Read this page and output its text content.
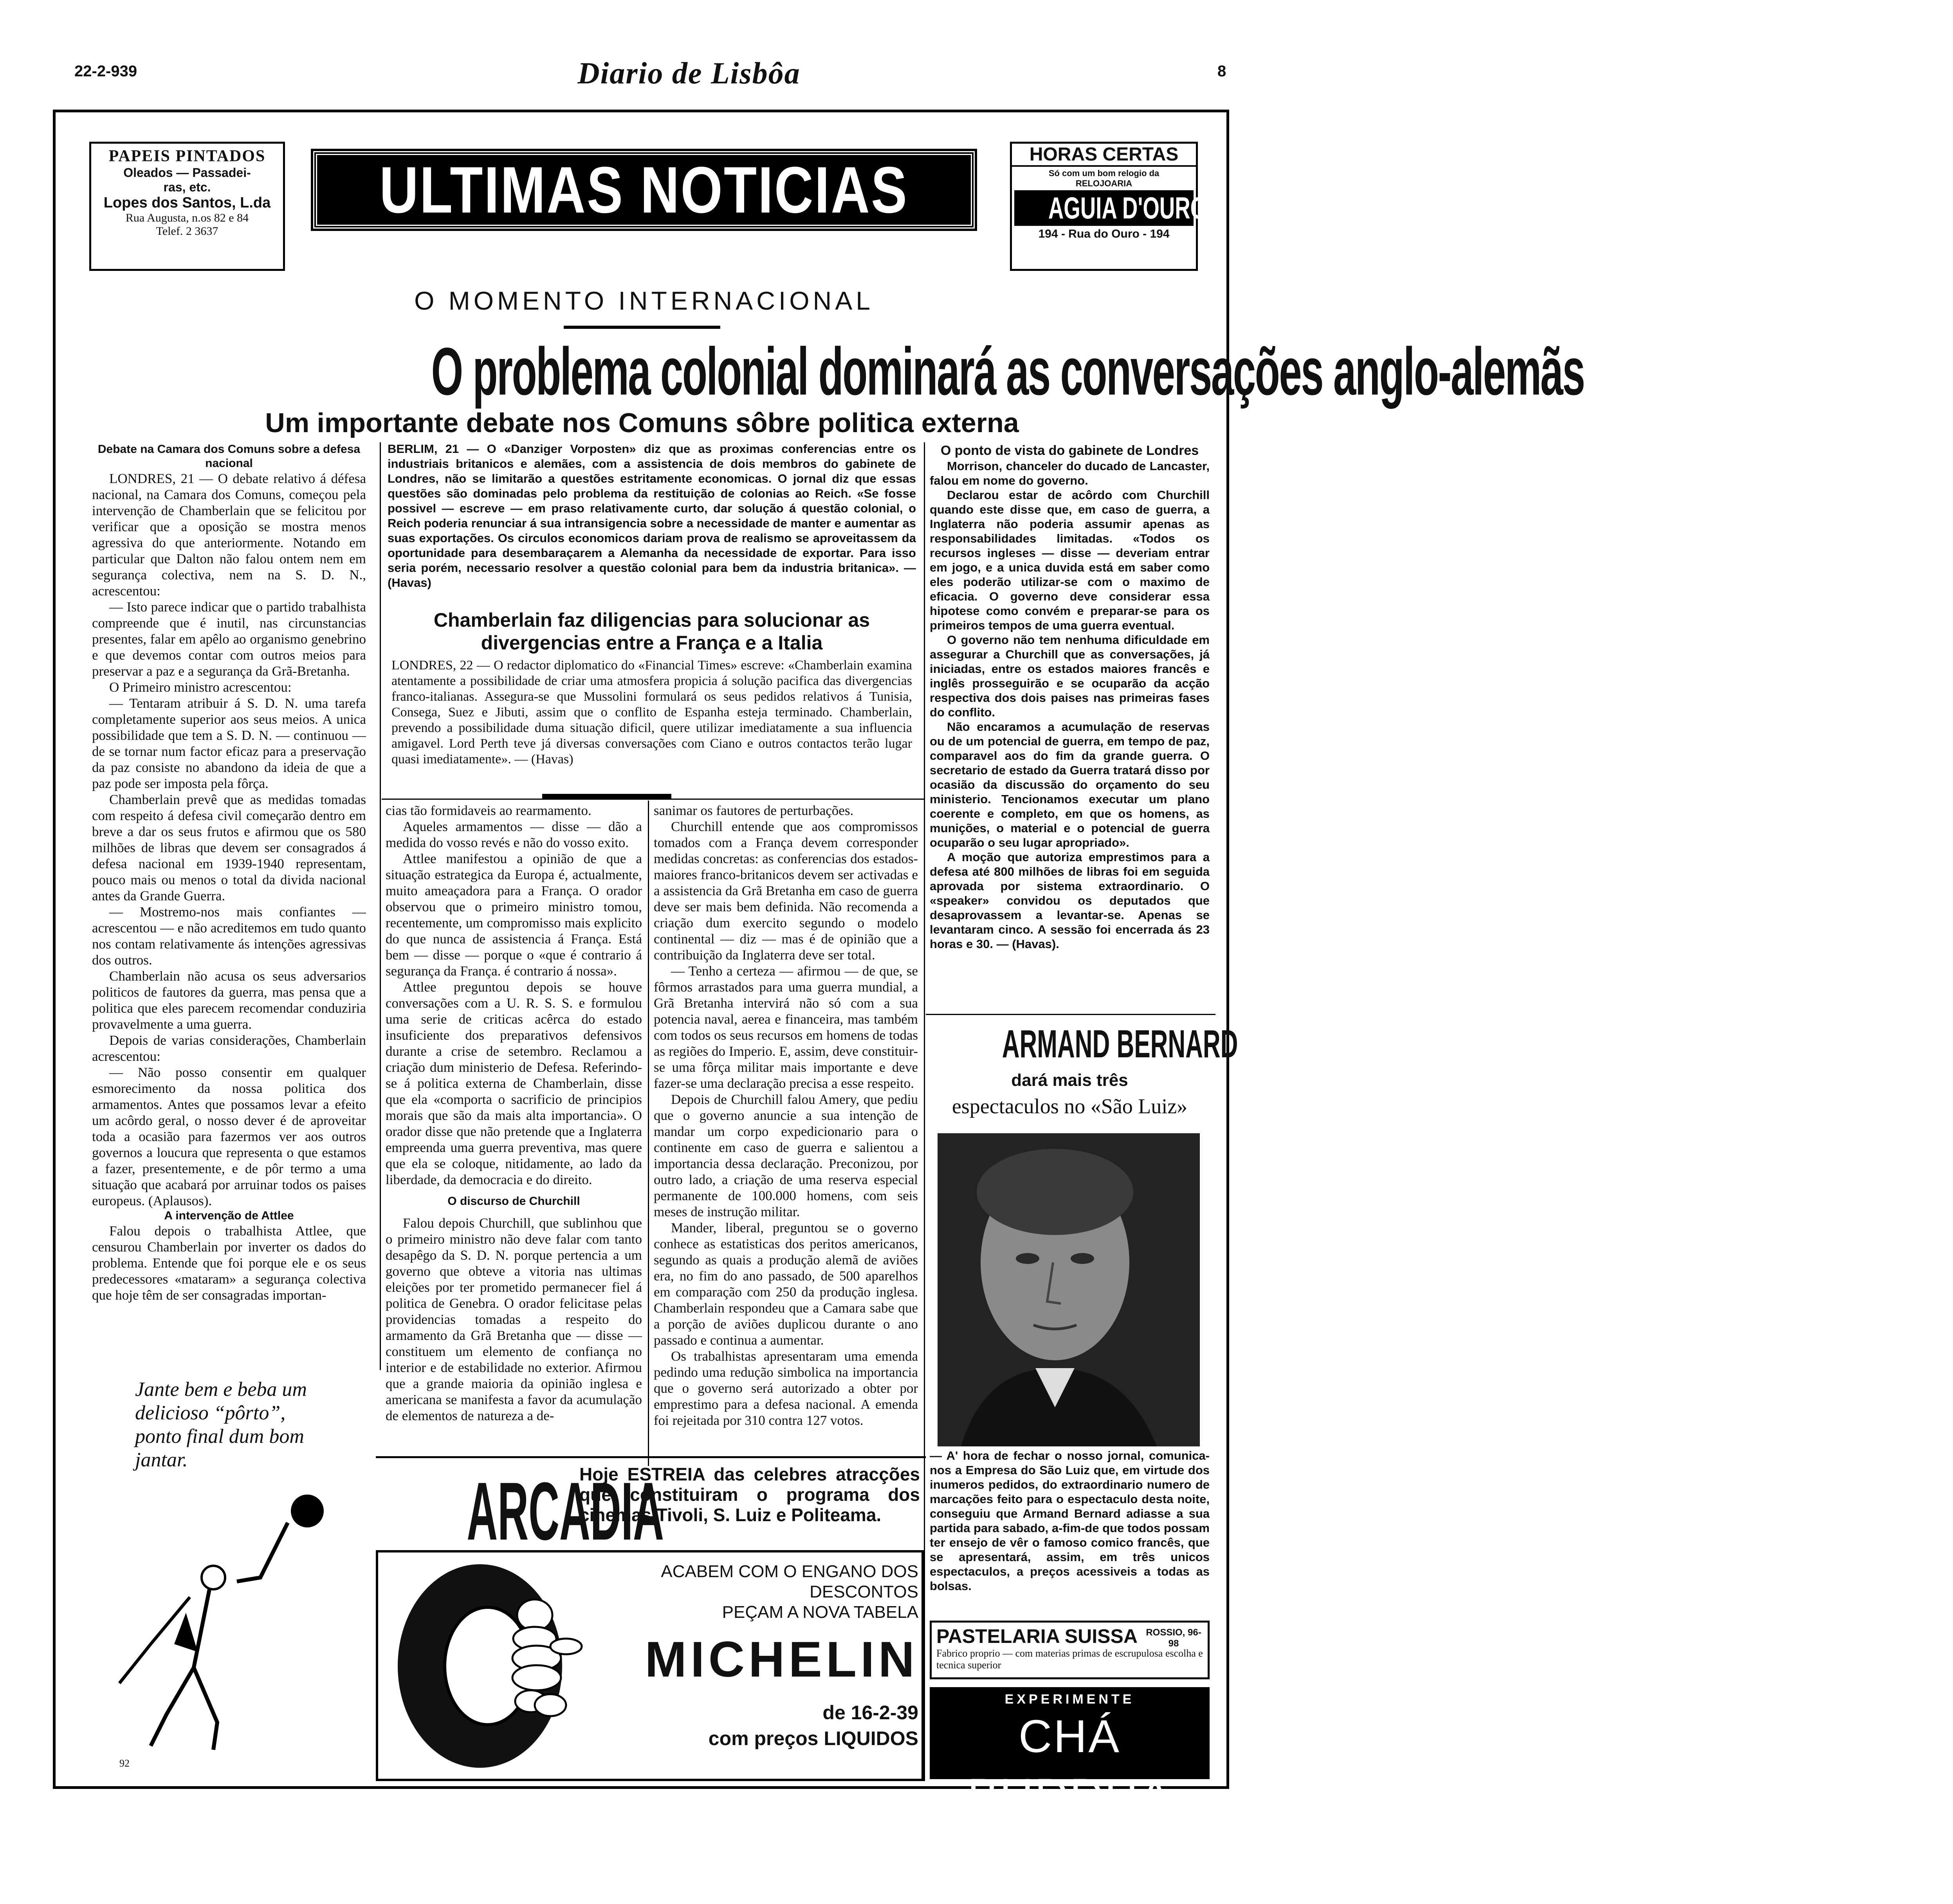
22-2-939	Diario de Lisbôa	8
PAPEIS PINTADOS
Oleados — Passadei-
ras, etc.
Lopes dos Santos, L.da
Rua Augusta, n.os 82 e 84
Telef. 2 3637
ULTIMAS NOTICIAS	HORAS CERTAS
Só com um bom relogio da
RELOJOARIA
AGUIA D'OURO
194 - Rua do Ouro - 194
O MOMENTO INTERNACIONAL
O problema colonial dominará as conversações anglo-alemãs
Um importante debate nos Comuns sôbre politica externa
Debate na Camara dos Comuns sobre a defesa nacional

LONDRES, 21 — O debate relativo á défesa nacional, na Camara dos Comuns, começou pela intervenção de Chamberlain que se felicitou por verificar que a oposição se mostra menos agressiva do que anteriormente. Notando em particular que Dalton não falou ontem nem em segurança colectiva, nem na S. D. N., acrescentou:

— Isto parece indicar que o partido trabalhista compreende que é inutil, nas circunstancias presentes, falar em apêlo ao organismo genebrino e que devemos contar com outros meios para preservar a paz e a segurança da Grã-Bretanha.

O Primeiro ministro acrescentou:

— Tentaram atribuir á S. D. N. uma tarefa completamente superior aos seus meios. A unica possibilidade que tem a S. D. N. — continuou — de se tornar num factor eficaz para a preservação da paz consiste no abandono da ideia de que a paz pode ser imposta pela fôrça.

Chamberlain prevê que as medidas tomadas com respeito á defesa civil começarão dentro em breve a dar os seus frutos e afirmou que os 580 milhões de libras que devem ser consagrados á defesa nacional em 1939-1940 representam, pouco mais ou menos o total da divida nacional antes da Grande Guerra.

— Mostremo-nos mais confiantes — acrescentou — e não acreditemos em tudo quanto nos contam relativamente ás intenções agressivas dos outros.

Chamberlain não acusa os seus adversarios politicos de fautores da guerra, mas pensa que a politica que eles parecem recomendar conduziria provavelmente a uma guerra.

Depois de varias considerações, Chamberlain acrescentou:

— Não posso consentir em qualquer esmorecimento da nossa politica dos armamentos. Antes que possamos levar a efeito um acôrdo geral, o nosso dever é de aproveitar toda a ocasião para fazermos ver aos outros governos a loucura que representa o que estamos a fazer, presentemente, e de pôr termo a uma situação que acabará por arruinar todos os paises europeus. (Aplausos).

A intervenção de Attlee

Falou depois o trabalhista Attlee, que censurou Chamberlain por inverter os dados do problema. Entende que foi porque ele e os seus predecessores «mataram» a segurança colectiva que hoje têm de ser consagradas importan-

BERLIM, 21 — O «Danziger Vorposten» diz que as proximas conferencias entre os industriais britanicos e alemães, com a assistencia de dois membros do gabinete de Londres, não se limitarão a questões estritamente economicas. O jornal diz que essas questões são dominadas pelo problema da restituição de colonias ao Reich. «Se fosse possivel — escreve — em praso relativamente curto, dar solução á questão colonial, o Reich poderia renunciar á sua intransigencia sobre a necessidade de manter e aumentar as suas exportações. Os circulos economicos dariam prova de realismo se aproveitassem da oportunidade para desembaraçarem a Alemanha da necessidade de exportar. Para isso seria porém, necessario resolver a questão colonial para bem da industria britanica». — (Havas)
Chamberlain faz diligencias para solucionar as divergencias entre a França e a Italia
LONDRES, 22 — O redactor diplomatico do «Financial Times» escreve: «Chamberlain examina atentamente a possibilidade de criar uma atmosfera propicia á solução pacifica das divergencias franco-italianas. Assegura-se que Mussolini formulará os seus pedidos relativos á Tunisia, Consega, Suez e Jibuti, assim que o conflito de Espanha esteja terminado. Chamberlain, prevendo a possibilidade duma situação dificil, quere utilizar imediatamente a sua influencia amigavel. Lord Perth teve já diversas conversações com Ciano e outros contactos terão lugar quasi imediatamente». — (Havas)

cias tão formidaveis ao rearmamento.

Aqueles armamentos — disse — dão a medida do vosso revés e não do vosso exito.

Attlee manifestou a opinião de que a situação estrategica da Europa é, actualmente, muito ameaçadora para a França. O orador observou que o primeiro ministro tomou, recentemente, um compromisso mais explicito do que nunca de assistencia á França. Está bem — disse — porque o «que é contrario á segurança da França. é contrario á nossa».

Attlee preguntou depois se houve conversações com a U. R. S. S. e formulou uma serie de criticas acêrca do estado insuficiente dos preparativos defensivos durante a crise de setembro. Reclamou a criação dum ministerio de Defesa. Referindo-se á politica externa de Chamberlain, disse que ela «comporta o sacrificio de principios morais que são da mais alta importancia». O orador disse que não pretende que a Inglaterra empreenda uma guerra preventiva, mas quere que ela se coloque, nitidamente, ao lado da liberdade, da democracia e do direito.

O discurso de Churchill

Falou depois Churchill, que sublinhou que o primeiro ministro não deve falar com tanto desapêgo da S. D. N. porque pertencia a um governo que obteve a vitoria nas ultimas eleições por ter prometido permanecer fiel á politica de Genebra. O orador felicitase pelas providencias tomadas a respeito do armamento da Grã Bretanha que — disse — constituem um elemento de confiança no interior e de estabilidade no exterior. Afirmou que a grande maioria da opinião inglesa e americana se manifesta a favor da acumulação de elementos de natureza a de-

sanimar os fautores de perturbações.

Churchill entende que aos compromissos tomados com a França devem corresponder medidas concretas: as conferencias dos estados-maiores franco-britanicos devem ser activadas e a assistencia da Grã Bretanha em caso de guerra deve ser mais bem definida. Não recomenda a criação dum exercito segundo o modelo continental — diz — mas é de opinião que a contribuição da Inglaterra deve ser total.

— Tenho a certeza — afirmou — de que, se fôrmos arrastados para uma guerra mundial, a Grã Bretanha intervirá não só com a sua potencia naval, aerea e financeira, mas também com todos os seus recursos em homens de todas as regiões do Imperio. E, assim, deve constituir-se uma fôrça militar mais importante e deve fazer-se uma declaração precisa a esse respeito.

Depois de Churchill falou Amery, que pediu que o governo anuncie a sua intenção de mandar um corpo expedicionario para o continente em caso de guerra e salientou a importancia dessa declaração. Preconizou, por outro lado, a criação de uma reserva especial permanente de 100.000 homens, com seis meses de instrução militar.

Mander, liberal, preguntou se o governo conhece as estatisticas dos peritos americanos, segundo as quais a produção alemã de aviões era, no fim do ano passado, de 500 aparelhos em comparação com 250 da produção inglesa. Chamberlain respondeu que a Camara sabe que a porção de aviões duplicou durante o ano passado e continua a aumentar.

Os trabalhistas apresentaram uma emenda pedindo uma redução simbolica na importancia que o governo será autorizado a obter por emprestimo para a defesa nacional. A emenda foi rejeitada por 310 contra 127 votos.

O ponto de vista do gabinete de Londres

Morrison, chanceler do ducado de Lancaster, falou em nome do governo.

Declarou estar de acôrdo com Churchill quando este disse que, em caso de guerra, a Inglaterra não poderia assumir apenas as responsabilidades limitadas. «Todos os recursos ingleses — disse — deveriam entrar em jogo, e a unica duvida está em saber como eles poderão utilizar-se com o maximo de eficacia. O governo deve considerar essa hipotese como convém e preparar-se para os primeiros tempos de uma guerra eventual.

O governo não tem nenhuma dificuldade em assegurar a Churchill que as conversações, já iniciadas, entre os estados maiores francês e inglês prosseguirão e se ocuparão da acção respectiva dos dois paises nas primeiras fases do conflito.

Não encaramos a acumulação de reservas ou de um potencial de guerra, em tempo de paz, comparavel aos do fim da grande guerra. O secretario de estado da Guerra tratará disso por ocasião da discussão do orçamento do seu ministerio. Tencionamos executar um plano coerente e completo, em que os homens, as munições, o material e o potencial de guerra ocuparão o seu lugar apropriado».

A moção que autoriza emprestimos para a defesa até 800 milhões de libras foi em seguida aprovada por sistema extraordinario. O «speaker» convidou os deputados que desaprovassem a levantar-se. Apenas se levantaram cinco. A sessão foi encerrada ás 23 horas e 30. — (Havas).

ARMAND BERNARD
dará mais três
espectaculos no «São Luiz»
— A' hora de fechar o nosso jornal, comunica-nos a Empresa do São Luiz que, em virtude dos inumeros pedidos, do extraordinario numero de marcações feito para o espectaculo desta noite, conseguiu que Armand Bernard adiasse a sua partida para sabado, a-fim-de que todos possam ter ensejo de vêr o famoso comico francês, que se apresentará, assim, em três unicos espectaculos, a preços acessiveis a todas as bolsas.
Jante bem e beba um
delicioso “pôrto”,
ponto final dum bom
jantar.
92
ARCADIA
Hoje ESTREIA das celebres atracções que constituiram o programa dos cinemas Tivoli, S. Luiz e Politeama.
ACABEM COM O ENGANO DOS
DESCONTOS
PEÇAM A NOVA TABELA
MICHELIN
de 16-2-39
com preços LIQUIDOS
PASTELARIA SUISSA ROSSIO, 96-98
Fabrico proprio — com materias primas de escrupulosa escolha e tecnica superior
EXPERIMENTE
CHÁ BUDDHA
